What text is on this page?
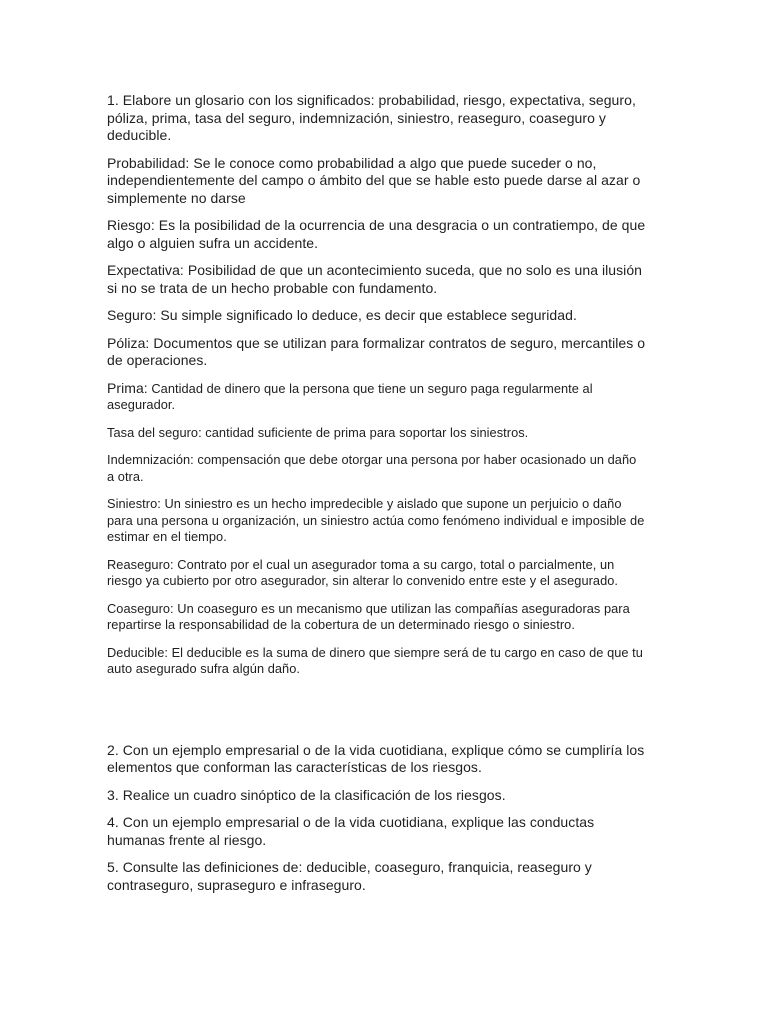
1. Elabore un glosario con los significados: probabilidad, riesgo, expectativa, seguro, póliza, prima, tasa del seguro, indemnización, siniestro, reaseguro, coaseguro y deducible.

Probabilidad: Se le conoce como probabilidad a algo que puede suceder o no, independientemente del campo o ámbito del que se hable esto puede darse al azar o simplemente no darse

Riesgo: Es la posibilidad de la ocurrencia de una desgracia o un contratiempo, de que algo o alguien sufra un accidente.

Expectativa: Posibilidad de que un acontecimiento suceda, que no solo es una ilusión si no se trata de un hecho probable con fundamento.

Seguro: Su simple significado lo deduce, es decir que establece seguridad.

Póliza: Documentos que se utilizan para formalizar contratos de seguro, mercantiles o de operaciones.

Prima: Cantidad de dinero que la persona que tiene un seguro paga regularmente al asegurador.

Tasa del seguro: cantidad suficiente de prima para soportar los siniestros.

Indemnización: compensación que debe otorgar una persona por haber ocasionado un daño a otra.

Siniestro: Un siniestro es un hecho impredecible y aislado que supone un perjuicio o daño para una persona u organización, un siniestro actúa como fenómeno individual e imposible de estimar en el tiempo.

Reaseguro: Contrato por el cual un asegurador toma a su cargo, total o parcialmente, un riesgo ya cubierto por otro asegurador, sin alterar lo convenido entre este y el asegurado.

Coaseguro: Un coaseguro es un mecanismo que utilizan las compañías aseguradoras para repartirse la responsabilidad de la cobertura de un determinado riesgo o siniestro.

Deducible: El deducible es la suma de dinero que siempre será de tu cargo en caso de que tu auto asegurado sufra algún daño.

2. Con un ejemplo empresarial o de la vida cuotidiana, explique cómo se cumpliría los elementos que conforman las características de los riesgos.

3. Realice un cuadro sinóptico de la clasificación de los riesgos.

4. Con un ejemplo empresarial o de la vida cuotidiana, explique las conductas humanas frente al riesgo.

5. Consulte las definiciones de: deducible, coaseguro, franquicia, reaseguro y contraseguro, supraseguro e infraseguro.
